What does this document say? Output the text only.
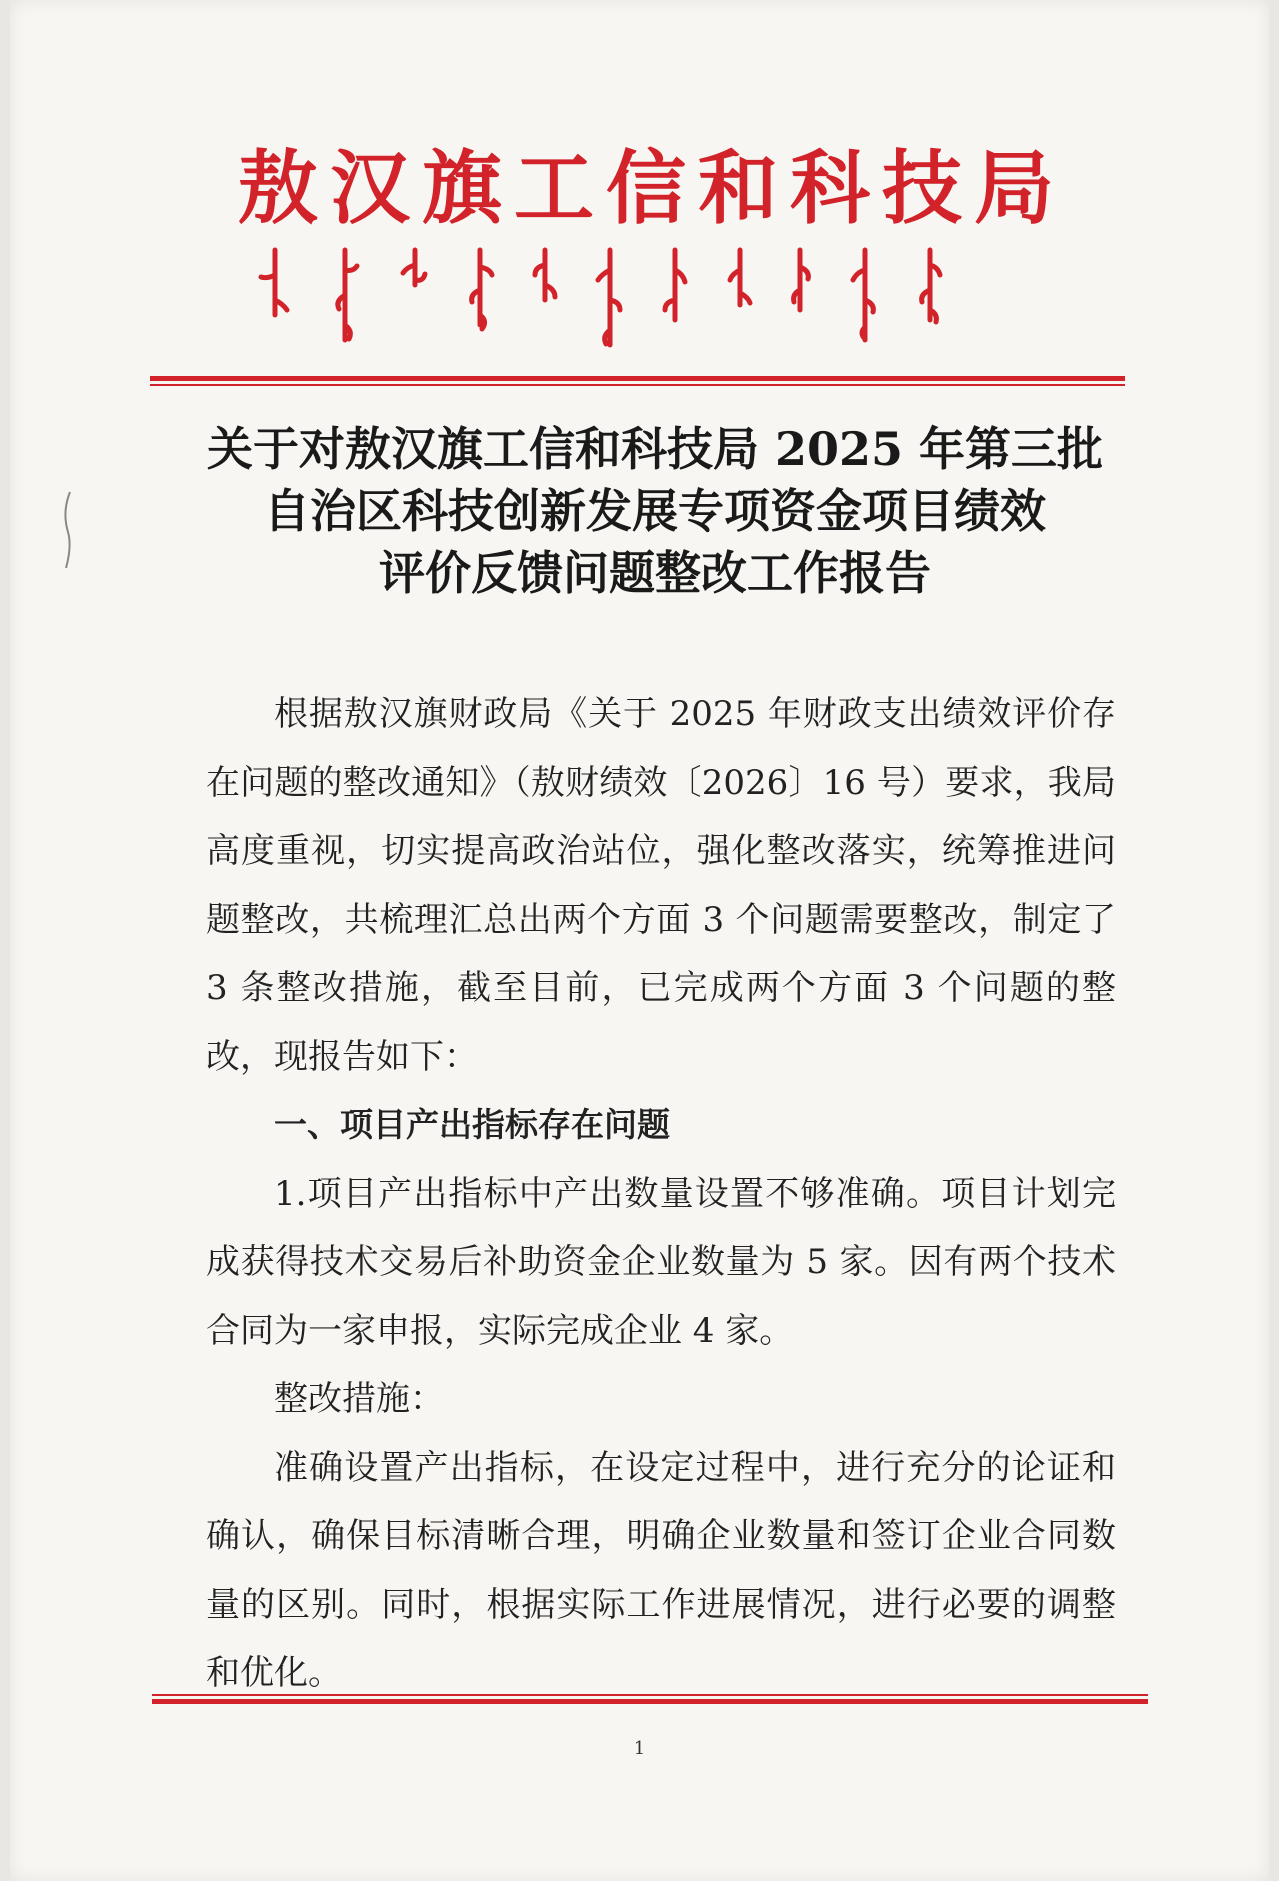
敖汉旗工信和科技局
关于对敖汉旗工信和科技局 2025 年第三批
自治区科技创新发展专项资金项目绩效
评价反馈问题整改工作报告

根据敖汉旗财政局《关于 2025 年财政支出绩效评价存在问题的整改通知》（敖财绩效〔2026〕16 号）要求，我局高度重视，切实提高政治站位，强化整改落实，统筹推进问题整改，共梳理汇总出两个方面 3 个问题需要整改，制定了 3 条整改措施，截至目前，已完成两个方面 3 个问题的整改，现报告如下：

一、项目产出指标存在问题

1.项目产出指标中产出数量设置不够准确。项目计划完成获得技术交易后补助资金企业数量为 5 家。因有两个技术合同为一家申报，实际完成企业 4 家。

整改措施：

准确设置产出指标，在设定过程中，进行充分的论证和确认，确保目标清晰合理，明确企业数量和签订企业合同数量的区别。同时，根据实际工作进展情况，进行必要的调整和优化。

1
